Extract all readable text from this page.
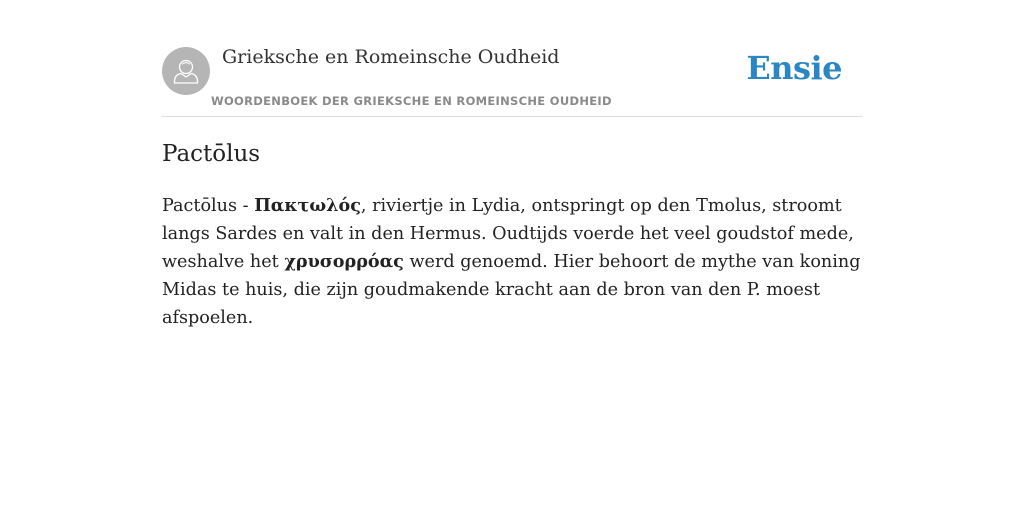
Grieksche en Romeinsche Oudheid
WOORDENBOEK DER GRIEKSCHE EN ROMEINSCHE OUDHEID
Ensie
Pactōlus

Pactōlus - Πακτωλός, riviertje in Lydia, ontspringt op den Tmolus, stroomt langs Sardes en valt in den Hermus. Oudtijds voerde het veel goudstof mede, weshalve het χρυσορρόας werd genoemd. Hier behoort de mythe van koning Midas te huis, die zijn goudmakende kracht aan de bron van den P. moest afspoelen.
